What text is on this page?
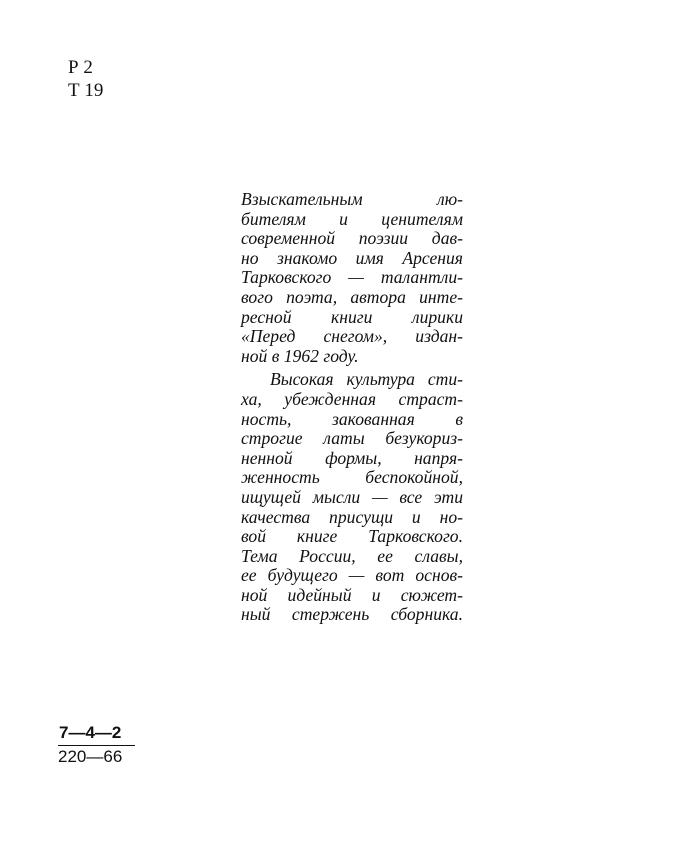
Р 2
Т 19
Взыскательным лю-
бителям и ценителям
современной поэзии дав-
но знакомо имя Арсения
Тарковского — талантли-
вого поэта, автора инте-
ресной книги лирики
«Перед снегом», издан-
ной в 1962 году.
Высокая культура сти-
ха, убежденная страст-
ность, закованная в
строгие латы безукориз-
ненной формы, напря-
женность беспокойной,
ищущей мысли — все эти
качества присущи и но-
вой книге Тарковского.
Тема России, ее славы,
ее будущего — вот основ-
ной идейный и сюжет-
ный стержень сборника.
$\frac{7—4—2}{220—66}$
